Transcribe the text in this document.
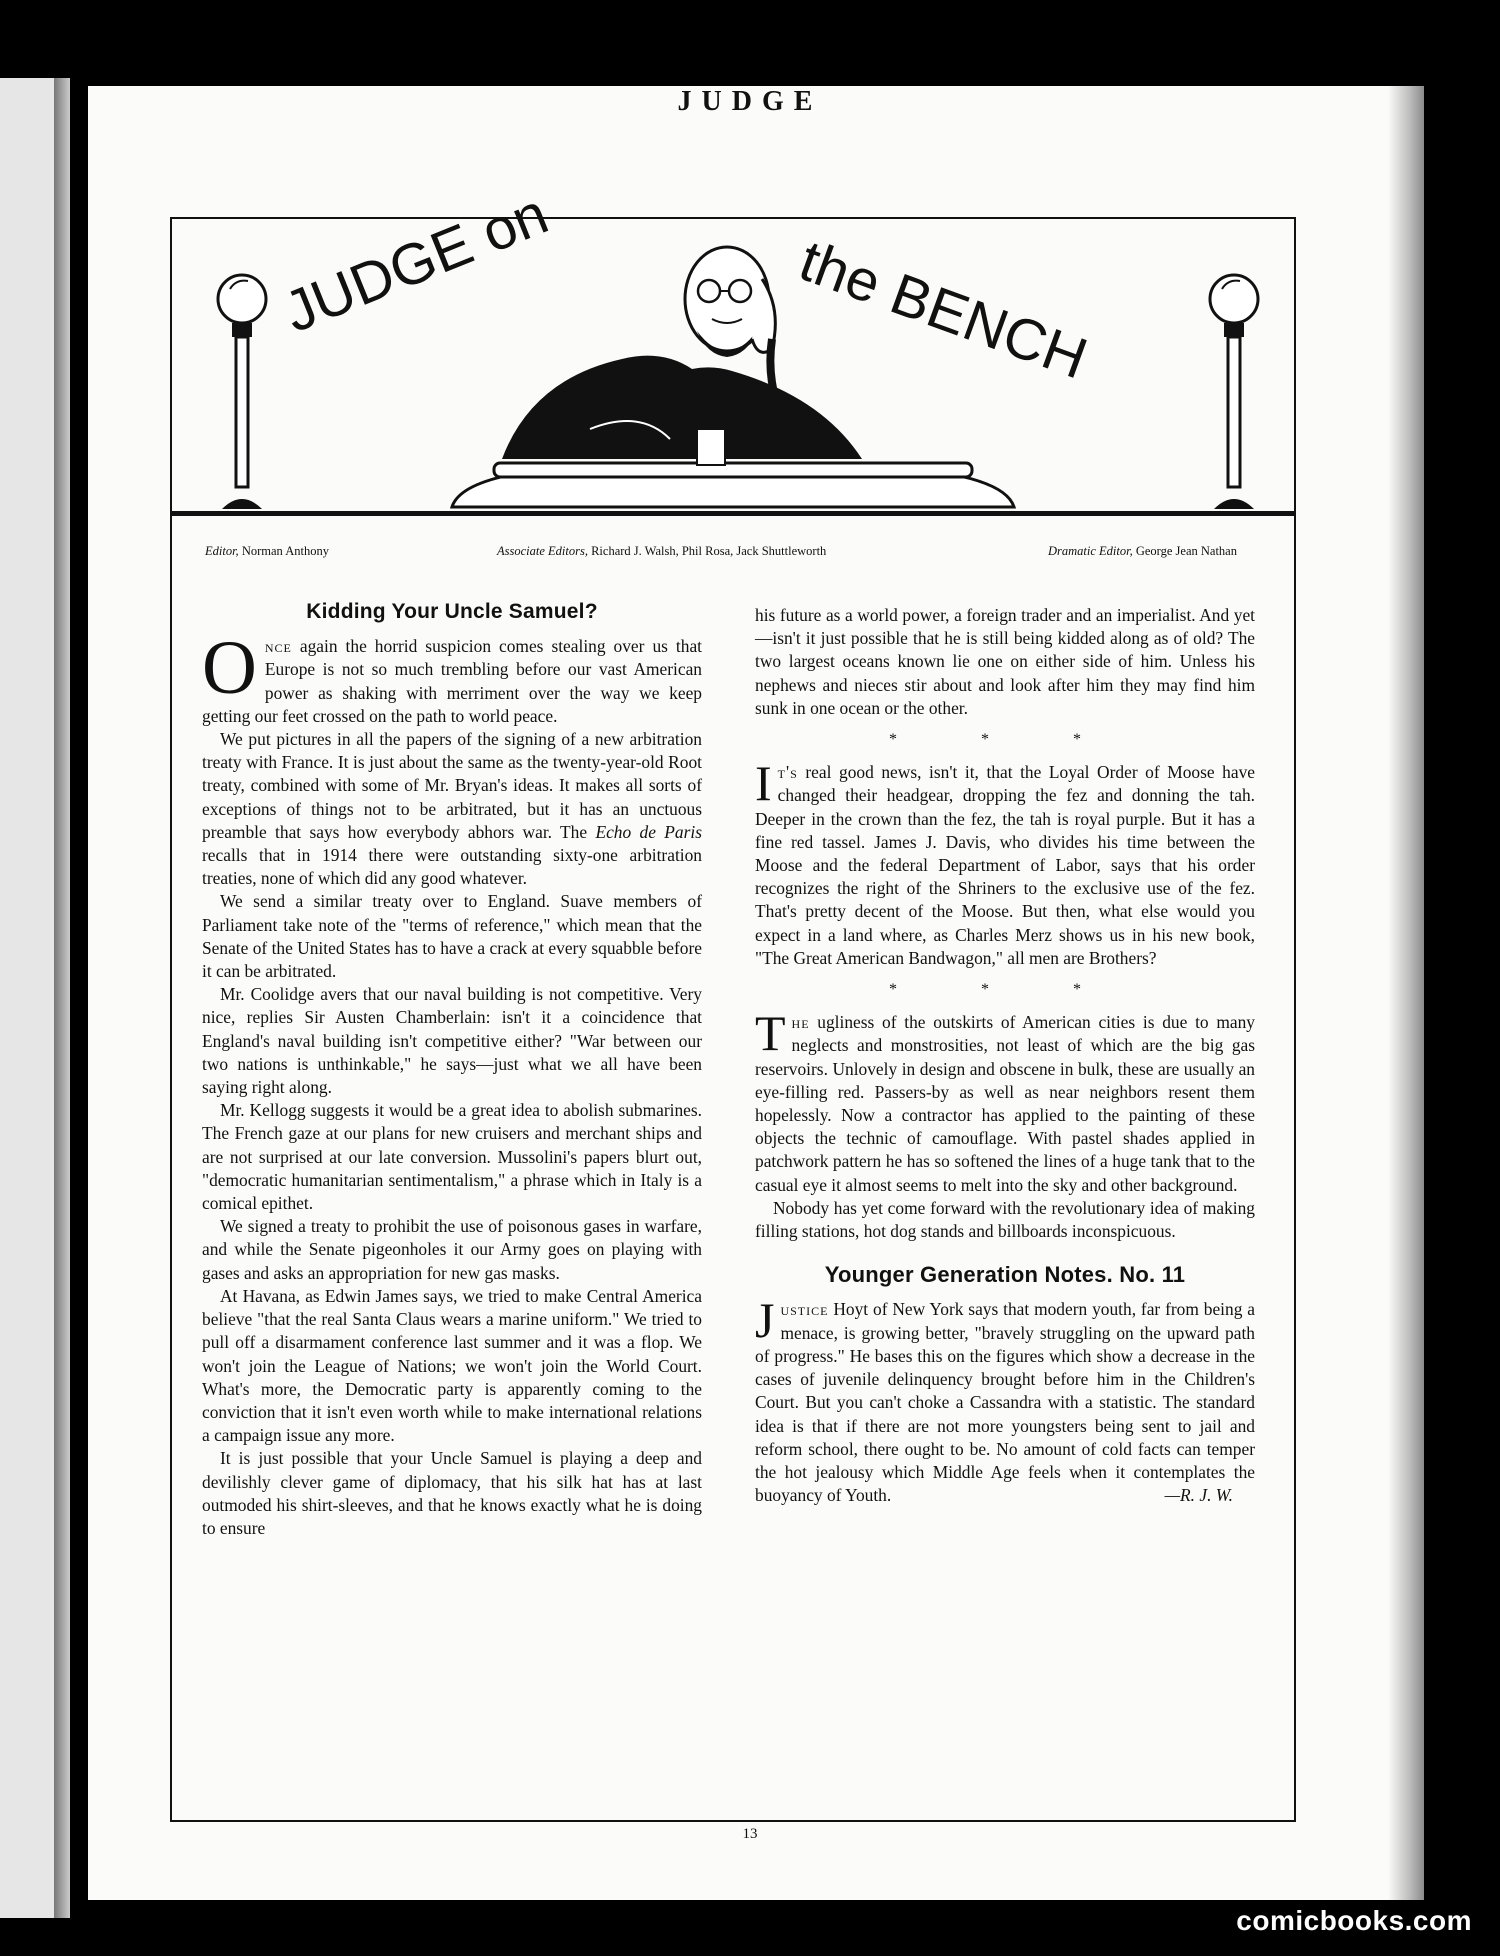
JUDGE
JUDGE on	the BENCH
Editor, Norman Anthony	Associate Editors, Richard J. Walsh, Phil Rosa, Jack Shuttleworth	Dramatic Editor, George Jean Nathan
Kidding Your Uncle Samuel?

Once again the horrid suspicion comes stealing over us that Europe is not so much trembling before our vast American power as shaking with merriment over the way we keep getting our feet crossed on the path to world peace.

We put pictures in all the papers of the signing of a new arbitration treaty with France. It is just about the same as the twenty-year-old Root treaty, combined with some of Mr. Bryan's ideas. It makes all sorts of exceptions of things not to be arbitrated, but it has an unctuous preamble that says how everybody abhors war. The Echo de Paris recalls that in 1914 there were outstanding sixty-one arbitration treaties, none of which did any good whatever.

We send a similar treaty over to England. Suave members of Parliament take note of the "terms of reference," which mean that the Senate of the United States has to have a crack at every squabble before it can be arbitrated.

Mr. Coolidge avers that our naval building is not competitive. Very nice, replies Sir Austen Chamberlain: isn't it a coincidence that England's naval building isn't competitive either? "War between our two nations is unthinkable," he says—just what we all have been saying right along.

Mr. Kellogg suggests it would be a great idea to abolish submarines. The French gaze at our plans for new cruisers and merchant ships and are not surprised at our late conversion. Mussolini's papers blurt out, "democratic humanitarian sentimentalism," a phrase which in Italy is a comical epithet.

We signed a treaty to prohibit the use of poisonous gases in warfare, and while the Senate pigeonholes it our Army goes on playing with gases and asks an appropriation for new gas masks.

At Havana, as Edwin James says, we tried to make Central America believe "that the real Santa Claus wears a marine uniform." We tried to pull off a disarmament conference last summer and it was a flop. We won't join the League of Nations; we won't join the World Court. What's more, the Democratic party is apparently coming to the conviction that it isn't even worth while to make international relations a campaign issue any more.

It is just possible that your Uncle Samuel is playing a deep and devilishly clever game of diplomacy, that his silk hat has at last outmoded his shirt-sleeves, and that he knows exactly what he is doing to ensure

his future as a world power, a foreign trader and an imperialist. And yet—isn't it just possible that he is still being kidded along as of old? The two largest oceans known lie one on either side of him. Unless his nephews and nieces stir about and look after him they may find him sunk in one ocean or the other.

* * *

It's real good news, isn't it, that the Loyal Order of Moose have changed their headgear, dropping the fez and donning the tah. Deeper in the crown than the fez, the tah is royal purple. But it has a fine red tassel. James J. Davis, who divides his time between the Moose and the federal Department of Labor, says that his order recognizes the right of the Shriners to the exclusive use of the fez. That's pretty decent of the Moose. But then, what else would you expect in a land where, as Charles Merz shows us in his new book, "The Great American Bandwagon," all men are Brothers?

* * *

The ugliness of the outskirts of American cities is due to many neglects and monstrosities, not least of which are the big gas reservoirs. Unlovely in design and obscene in bulk, these are usually an eye-filling red. Passers-by as well as near neighbors resent them hopelessly. Now a contractor has applied to the painting of these objects the technic of camouflage. With pastel shades applied in patchwork pattern he has so softened the lines of a huge tank that to the casual eye it almost seems to melt into the sky and other background.

Nobody has yet come forward with the revolutionary idea of making filling stations, hot dog stands and billboards inconspicuous.

Younger Generation Notes. No. 11

Justice Hoyt of New York says that modern youth, far from being a menace, is growing better, "bravely struggling on the upward path of progress." He bases this on the figures which show a decrease in the cases of juvenile delinquency brought before him in the Children's Court. But you can't choke a Cassandra with a statistic. The standard idea is that if there are not more youngsters being sent to jail and reform school, there ought to be. No amount of cold facts can temper the hot jealousy which Middle Age feels when it contemplates the buoyancy of Youth.	—R. J. W.

13
comicbooks.com
